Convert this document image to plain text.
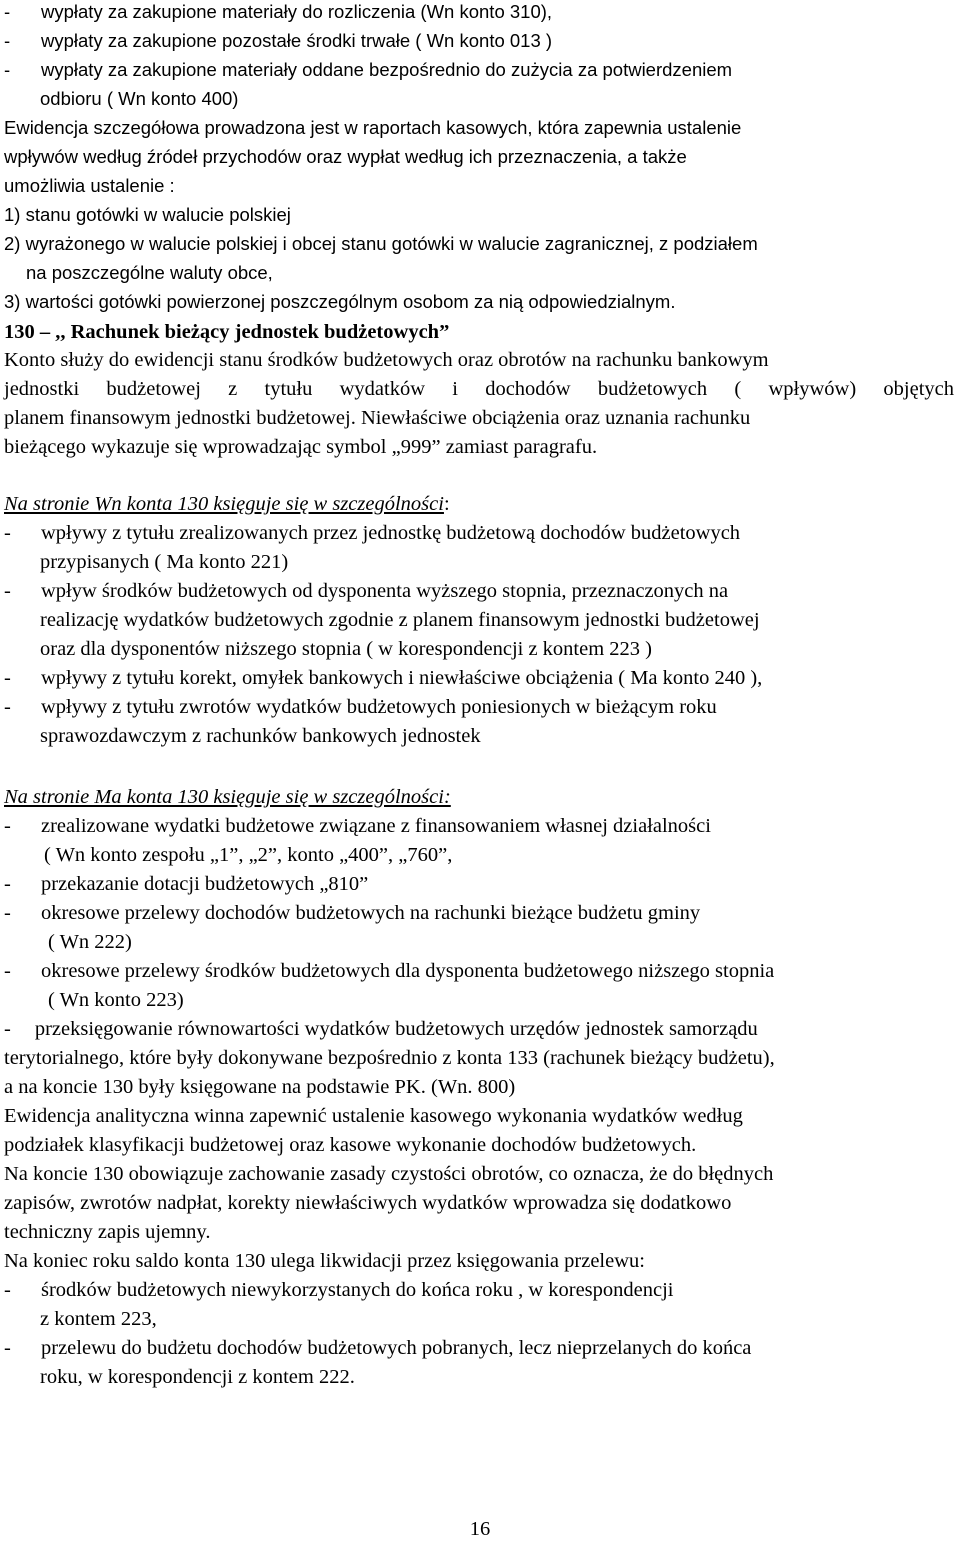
- wypłaty za zakupione materiały do rozliczenia (Wn konto 310),
- wypłaty za zakupione pozostałe środki trwałe ( Wn konto 013 )
- wypłaty za zakupione materiały oddane bezpośrednio do zużycia za potwierdzeniem
odbioru ( Wn konto 400)
Ewidencja szczegółowa prowadzona jest w raportach kasowych, która zapewnia ustalenie
wpływów według źródeł przychodów oraz wypłat według ich przeznaczenia, a także
umożliwia ustalenie :
1) stanu gotówki w walucie polskiej
2) wyrażonego w walucie polskiej i obcej stanu gotówki w walucie zagranicznej, z podziałem
na poszczególne waluty obce,
3) wartości gotówki powierzonej poszczególnym osobom za nią odpowiedzialnym.
130 – ,, Rachunek bieżący jednostek budżetowych”
Konto służy do ewidencji stanu środków budżetowych oraz obrotów na rachunku bankowym
jednostki budżetowej z tytułu wydatków i dochodów budżetowych ( wpływów) objętych
planem finansowym jednostki budżetowej. Niewłaściwe obciążenia oraz uznania rachunku
bieżącego wykazuje się wprowadzając symbol „999” zamiast paragrafu.
Na stronie Wn konta 130 księguje się w szczególności:
- wpływy z tytułu zrealizowanych przez jednostkę budżetową dochodów budżetowych
przypisanych ( Ma konto 221)
- wpływ środków budżetowych od dysponenta wyższego stopnia, przeznaczonych na
realizację wydatków budżetowych zgodnie z planem finansowym jednostki budżetowej
oraz dla dysponentów niższego stopnia ( w korespondencji z kontem 223 )
- wpływy z tytułu korekt, omyłek bankowych i niewłaściwe obciążenia ( Ma konto 240 ),
- wpływy z tytułu zwrotów wydatków budżetowych poniesionych w bieżącym roku
sprawozdawczym z rachunków bankowych jednostek
Na stronie Ma konta 130 księguje się w szczególności:
- zrealizowane wydatki budżetowe związane z finansowaniem własnej działalności
( Wn konto zespołu „1”, „2”, konto „400”, „760”,
- przekazanie dotacji budżetowych „810”
- okresowe przelewy dochodów budżetowych na rachunki bieżące budżetu gminy
( Wn 222)
- okresowe przelewy środków budżetowych dla dysponenta budżetowego niższego stopnia
( Wn konto 223)
- przeksięgowanie równowartości wydatków budżetowych urzędów jednostek samorządu
terytorialnego, które były dokonywane bezpośrednio z konta 133 (rachunek bieżący budżetu),
a na koncie 130 były księgowane na podstawie PK. (Wn. 800)
Ewidencja analityczna winna zapewnić ustalenie kasowego wykonania wydatków według
podziałek klasyfikacji budżetowej oraz kasowe wykonanie dochodów budżetowych.
Na koncie 130 obowiązuje zachowanie zasady czystości obrotów, co oznacza, że do błędnych
zapisów, zwrotów nadpłat, korekty niewłaściwych wydatków wprowadza się dodatkowo
techniczny zapis ujemny.
Na koniec roku saldo konta 130 ulega likwidacji przez księgowania przelewu:
- środków budżetowych niewykorzystanych do końca roku , w korespondencji
z kontem 223,
- przelewu do budżetu dochodów budżetowych pobranych, lecz nieprzelanych do końca
roku, w korespondencji z kontem 222.
16
